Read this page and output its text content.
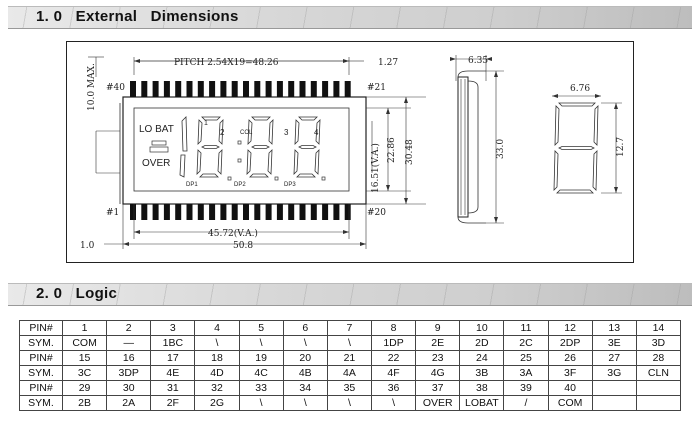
1. 0 External   Dimensions
PITCH 2.54X19=48.26	1.27
10.0 MAX. #40	#21
#1	#20
LO BAT
OVER
2	3	4
1
COL
DP1	DP2	DP3	16.51(V.A.) 22.86 30.48
45.72(V.A.)
50.8
1.0
6.35
33.0
6.76
12.7
2. 0 Logic
PIN#	1	2	3	4	5	6	7	8	9	10	11	12	13	14
SYM.	COM	—	1BC	\	\	\	\	1DP	2E	2D	2C	2DP	3E	3D
PIN#	15	16	17	18	19	20	21	22	23	24	25	26	27	28
SYM.	3C	3DP	4E	4D	4C	4B	4A	4F	4G	3B	3A	3F	3G	CLN
PIN#	29	30	31	32	33	34	35	36	37	38	39	40		
SYM.	2B	2A	2F	2G	\	\	\	\	OVER	LOBAT	/	COM		
